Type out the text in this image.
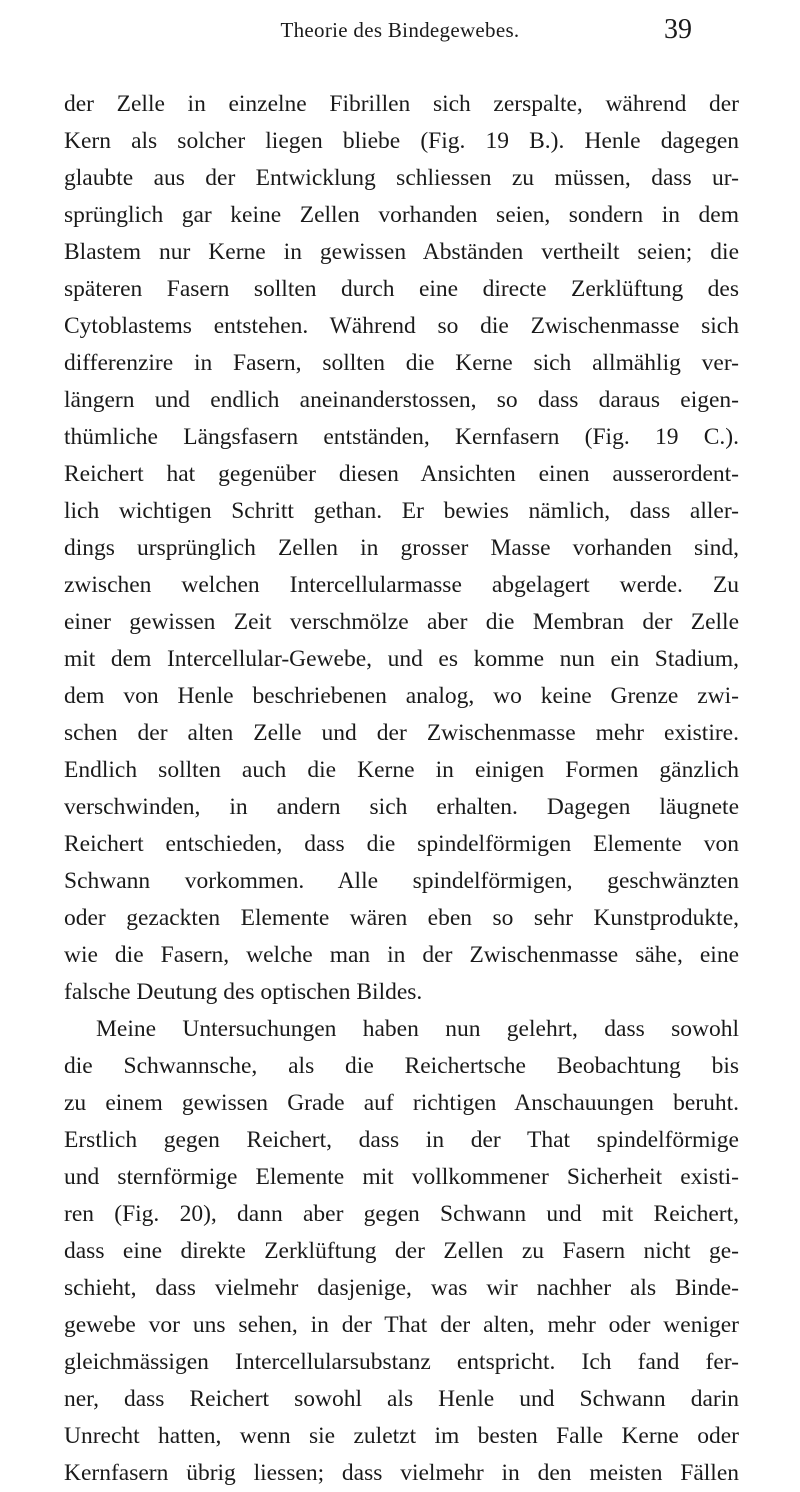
Theorie des Bindegewebes.	39
der Zelle in einzelne Fibrillen sich zerspalte, während der
Kern als solcher liegen bliebe (Fig. 19 B.). Henle dagegen
glaubte aus der Entwicklung schliessen zu müssen, dass ur-
sprünglich gar keine Zellen vorhanden seien, sondern in dem
Blastem nur Kerne in gewissen Abständen vertheilt seien; die
späteren Fasern sollten durch eine directe Zerklüftung des
Cytoblastems entstehen. Während so die Zwischenmasse sich
differenzire in Fasern, sollten die Kerne sich allmählig ver-
längern und endlich aneinanderstossen, so dass daraus eigen-
thümliche Längsfasern entständen, Kernfasern (Fig. 19 C.).
Reichert hat gegenüber diesen Ansichten einen ausserordent-
lich wichtigen Schritt gethan. Er bewies nämlich, dass aller-
dings ursprünglich Zellen in grosser Masse vorhanden sind,
zwischen welchen Intercellularmasse abgelagert werde. Zu
einer gewissen Zeit verschmölze aber die Membran der Zelle
mit dem Intercellular-Gewebe, und es komme nun ein Stadium,
dem von Henle beschriebenen analog, wo keine Grenze zwi-
schen der alten Zelle und der Zwischenmasse mehr existire.
Endlich sollten auch die Kerne in einigen Formen gänzlich
verschwinden, in andern sich erhalten. Dagegen läugnete
Reichert entschieden, dass die spindelförmigen Elemente von
Schwann vorkommen. Alle spindelförmigen, geschwänzten
oder gezackten Elemente wären eben so sehr Kunstprodukte,
wie die Fasern, welche man in der Zwischenmasse sähe, eine
falsche Deutung des optischen Bildes.
Meine Untersuchungen haben nun gelehrt, dass sowohl
die Schwannsche, als die Reichertsche Beobachtung bis
zu einem gewissen Grade auf richtigen Anschauungen beruht.
Erstlich gegen Reichert, dass in der That spindelförmige
und sternförmige Elemente mit vollkommener Sicherheit existi-
ren (Fig. 20), dann aber gegen Schwann und mit Reichert,
dass eine direkte Zerklüftung der Zellen zu Fasern nicht ge-
schieht, dass vielmehr dasjenige, was wir nachher als Binde-
gewebe vor uns sehen, in der That der alten, mehr oder weniger
gleichmässigen Intercellularsubstanz entspricht. Ich fand fer-
ner, dass Reichert sowohl als Henle und Schwann darin
Unrecht hatten, wenn sie zuletzt im besten Falle Kerne oder
Kernfasern übrig liessen; dass vielmehr in den meisten Fällen
